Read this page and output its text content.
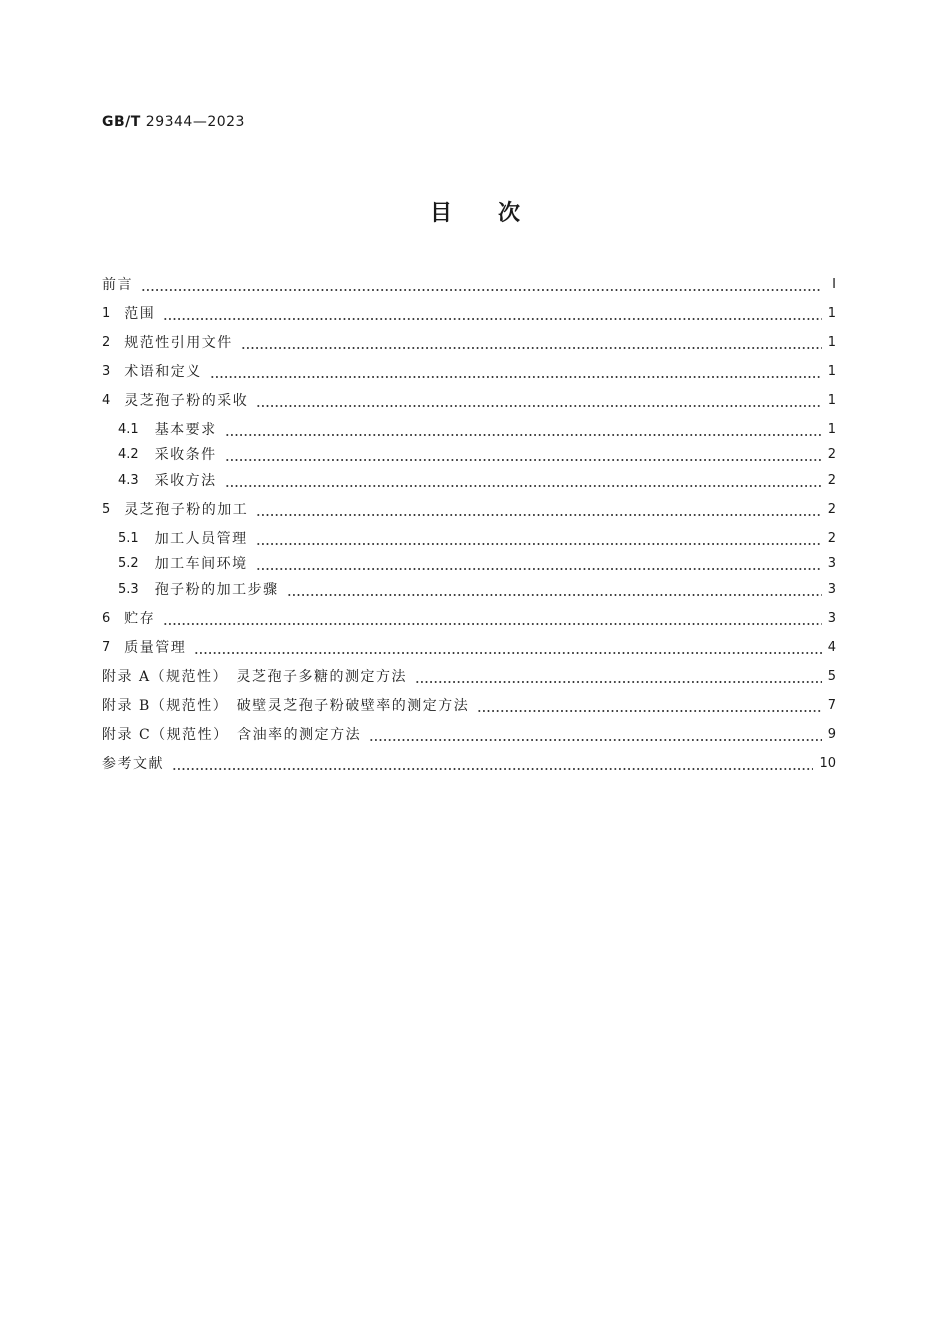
GB/T 29344—2023
目 次
前言	Ⅰ
1 范围	1
2 规范性引用文件	1
3 术语和定义	1
4 灵芝孢子粉的采收	1
4.1 基本要求	1
4.2 采收条件	2
4.3 采收方法	2
5 灵芝孢子粉的加工	2
5.1 加工人员管理	2
5.2 加工车间环境	3
5.3 孢子粉的加工步骤	3
6 贮存	3
7 质量管理	4
附录 A（规范性）　灵芝孢子多糖的测定方法	5
附录 B（规范性）　破壁灵芝孢子粉破壁率的测定方法	7
附录 C（规范性）　含油率的测定方法	9
参考文献	10
